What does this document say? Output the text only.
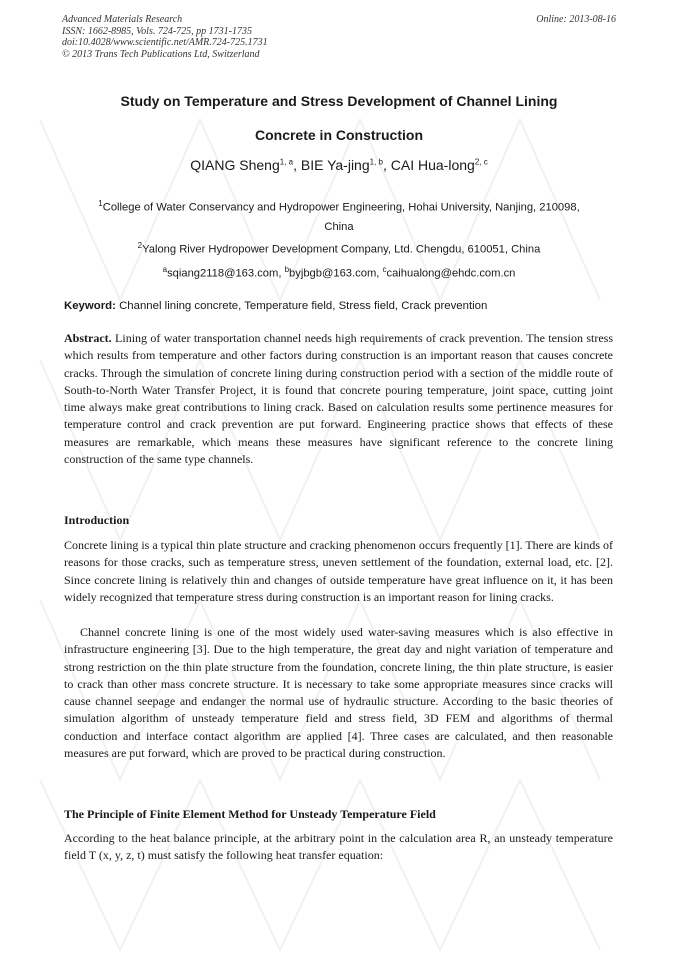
Advanced Materials Research
ISSN: 1662-8985, Vols. 724-725, pp 1731-1735
doi:10.4028/www.scientific.net/AMR.724-725.1731
© 2013 Trans Tech Publications Ltd, Switzerland
Online: 2013-08-16
Study on Temperature and Stress Development of Channel Lining
Concrete in Construction
QIANG Sheng$^{1, a}$, BIE Ya-jing$^{1, b}$, CAI Hua-long$^{2, c}$
$^1$College of Water Conservancy and Hydropower Engineering, Hohai University, Nanjing, 210098,
China
$^2$Yalong River Hydropower Development Company, Ltd. Chengdu, 610051, China
$^a$sqiang2118@163.com, $^b$byjbgb@163.com, $^c$caihualong@ehdc.com.cn
Keyword: Channel lining concrete, Temperature field, Stress field, Crack prevention
Abstract. Lining of water transportation channel needs high requirements of crack prevention. The tension stress which results from temperature and other factors during construction is an important reason that causes concrete cracks. Through the simulation of concrete lining during construction period with a section of the middle route of South-to-North Water Transfer Project, it is found that concrete pouring temperature, joint space, cutting joint time always make great contributions to lining crack. Based on calculation results some pertinence measures for temperature control and crack prevention are put forward. Engineering practice shows that effects of these measures are remarkable, which means these measures have significant reference to the concrete lining construction of the same type channels.
Introduction
Concrete lining is a typical thin plate structure and cracking phenomenon occurs frequently [1]. There are kinds of reasons for those cracks, such as temperature stress, uneven settlement of the foundation, external load, etc. [2]. Since concrete lining is relatively thin and changes of outside temperature have great influence on it, it has been widely recognized that temperature stress during construction is an important reason for lining cracks.
Channel concrete lining is one of the most widely used water-saving measures which is also effective in infrastructure engineering [3]. Due to the high temperature, the great day and night variation of temperature and strong restriction on the thin plate structure from the foundation, concrete lining, the thin plate structure, is easier to crack than other mass concrete structure. It is necessary to take some appropriate measures since cracks will cause channel seepage and endanger the normal use of hydraulic structure. According to the basic theories of simulation algorithm of unsteady temperature field and stress field, 3D FEM and algorithms of thermal conduction and interface contact algorithm are applied [4]. Three cases are calculated, and then reasonable measures are put forward, which are proved to be practical during construction.
The Principle of Finite Element Method for Unsteady Temperature Field
According to the heat balance principle, at the arbitrary point in the calculation area R, an unsteady temperature field T (x, y, z, t) must satisfy the following heat transfer equation:
